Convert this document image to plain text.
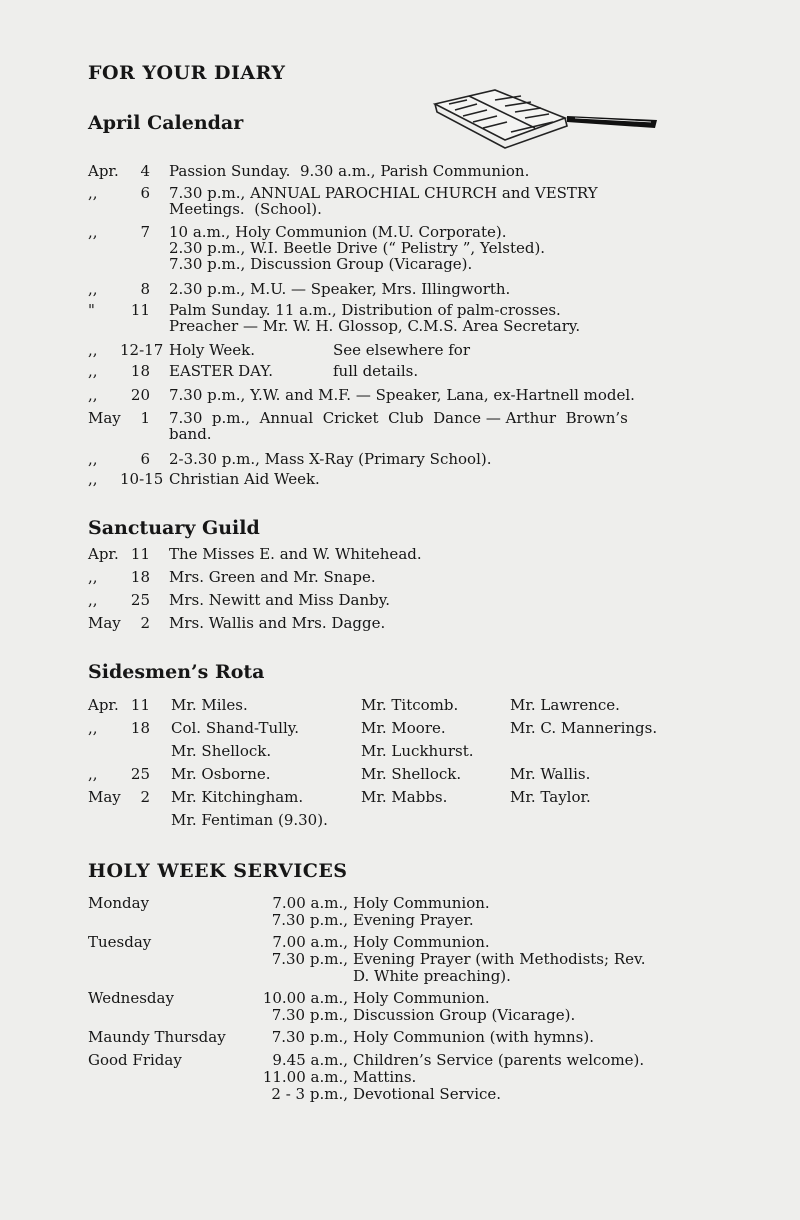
FOR YOUR DIARY
April Calendar
Apr.	4 Passion Sunday.  9.30 a.m., Parish Communion.
,,	6 7.30 p.m., ANNUAL PAROCHIAL CHURCH and VESTRY
Meetings.  (School).
,,	7 10 a.m., Holy Communion (M.U. Corporate).
2.30 p.m., W.I. Beetle Drive (“ Pelistry ”, Yelsted).
7.30 p.m., Discussion Group (Vicarage).
,,	8 2.30 p.m., M.U. — Speaker, Mrs. Illingworth.
"	11 Palm Sunday. 11 a.m., Distribution of palm-crosses.
Preacher — Mr. W. H. Glossop, C.M.S. Area Secretary.
,, 12-17 Holy Week.	See elsewhere for
,,	18 EASTER DAY.	full details.
,,	20 7.30 p.m., Y.W. and M.F. — Speaker, Lana, ex-Hartnell model.
May	1 7.30  p.m.,  Annual  Cricket  Club  Dance — Arthur  Brown’s
band.
,,	6 2-3.30 p.m., Mass X-Ray (Primary School).
,, 10-15 Christian Aid Week.
Sanctuary Guild
Apr. 11 The Misses E. and W. Whitehead.
,,	18 Mrs. Green and Mr. Snape.
,,	25 Mrs. Newitt and Miss Danby.
May	2 Mrs. Wallis and Mrs. Dagge.
Sidesmen’s Rota
Apr. 11 Mr. Miles.	Mr. Titcomb.	Mr. Lawrence.
,,	18 Col. Shand-Tully.	Mr. Moore.	Mr. C. Mannerings.
Mr. Shellock.	Mr. Luckhurst.
,,	25 Mr. Osborne.	Mr. Shellock.	Mr. Wallis.
May	2 Mr. Kitchingham.	Mr. Mabbs.	Mr. Taylor.
Mr. Fentiman (9.30).
HOLY WEEK SERVICES
Monday	7.00 a.m., Holy Communion.
7.30 p.m., Evening Prayer.
Tuesday	7.00 a.m., Holy Communion.
7.30 p.m., Evening Prayer (with Methodists; Rev.
D. White preaching).
Wednesday	10.00 a.m., Holy Communion.
7.30 p.m., Discussion Group (Vicarage).
Maundy Thursday	7.30 p.m., Holy Communion (with hymns).
Good Friday	9.45 a.m., Children’s Service (parents welcome).
11.00 a.m., Mattins.
2 - 3 p.m., Devotional Service.
